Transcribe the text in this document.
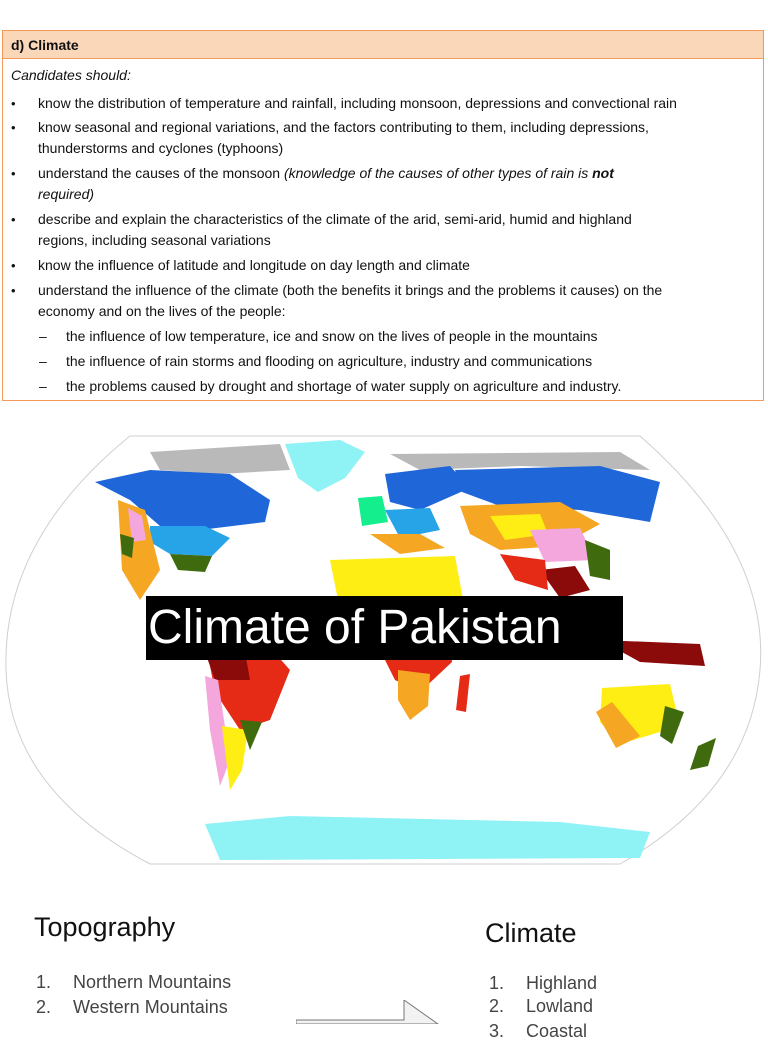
d) Climate
Candidates should:
• know the distribution of temperature and rainfall, including monsoon, depressions and convectional rain
• know seasonal and regional variations, and the factors contributing to them, including depressions,
thunderstorms and cyclones (typhoons)
• understand the causes of the monsoon (knowledge of the causes of other types of rain is not
required)
• describe and explain the characteristics of the climate of the arid, semi-arid, humid and highland
regions, including seasonal variations
• know the influence of latitude and longitude on day length and climate
• understand the influence of the climate (both the benefits it brings and the problems it causes) on the
economy and on the lives of the people:
– the influence of low temperature, ice and snow on the lives of people in the mountains
– the influence of rain storms and flooding on agriculture, industry and communications
– the problems caused by drought and shortage of water supply on agriculture and industry.
Climate of Pakistan
Topography
1. Northern Mountains
2. Western Mountains
Climate
1. Highland
2. Lowland
3. Coastal
